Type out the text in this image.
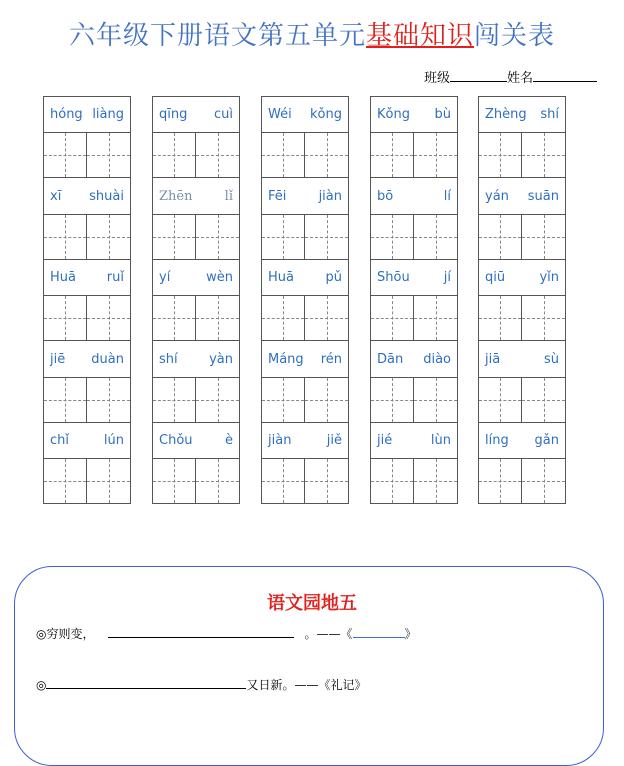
六年级下册语文第五单元基础知识闯关表
班级	姓名
hóng liàng
xī shuài
Huā ruǐ
jiē duàn
chǐ	lún
qīng cuì
Zhēn lǐ
yí	wèn
shí yàn
Chǒu è
Wéi kǒng
Fēi jiàn
Huā pǔ
Máng rén
jiàn	jiě
Kǒng bù
bō	lí
Shōu	jí
Dān diào
jié	lùn
Zhèng shí
yán suān
qiū	yǐn
jiā	sù
líng gǎn
语文园地五
◎穷则变，	。——《	》
◎	又日新。——《礼记》
